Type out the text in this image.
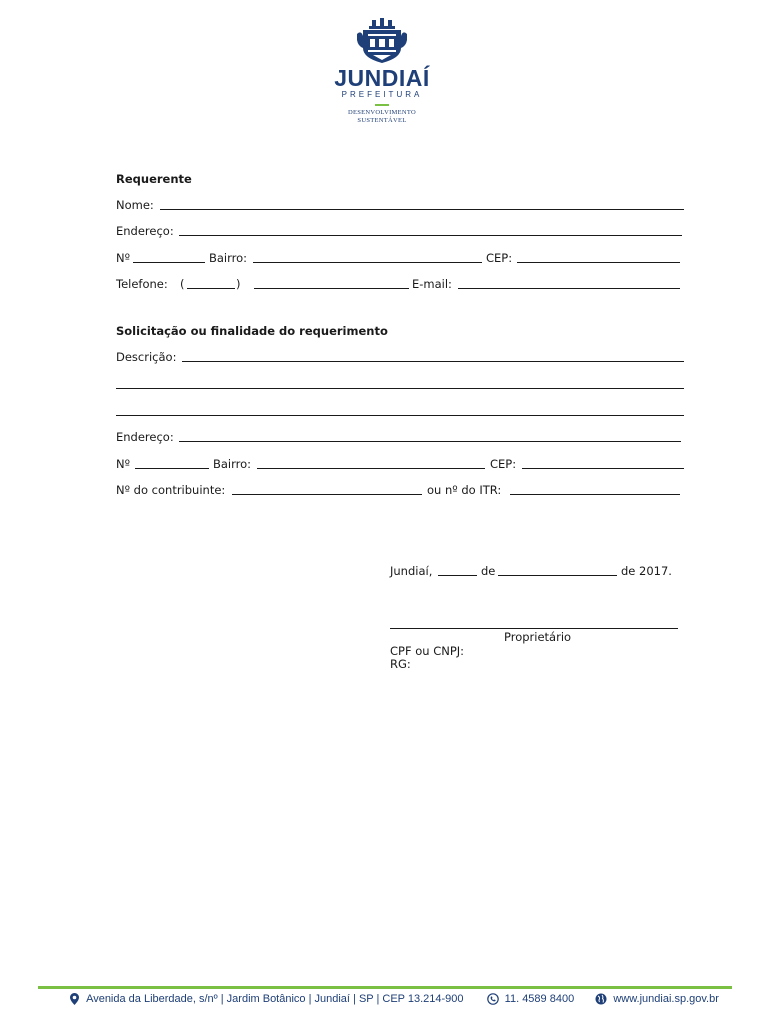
JUNDIAÍ
PREFEITURA
DESENVOLVIMENTO
SUSTENTÁVEL
Requerente
Nome:
Endereço:
Nº	Bairro:	CEP:
Telefone: (	)	E-mail:
Solicitação ou finalidade do requerimento
Descrição:
Endereço:
Nº	Bairro:	CEP:
Nº do contribuinte:	ou nº do ITR:
Jundiaí,	de	de 2017.
Proprietário
CPF ou CNPJ:
RG:
Avenida da Liberdade, s/nº | Jardim Botânico | Jundiaí | SP | CEP 13.214-900	11. 4589 8400	www.jundiai.sp.gov.br
